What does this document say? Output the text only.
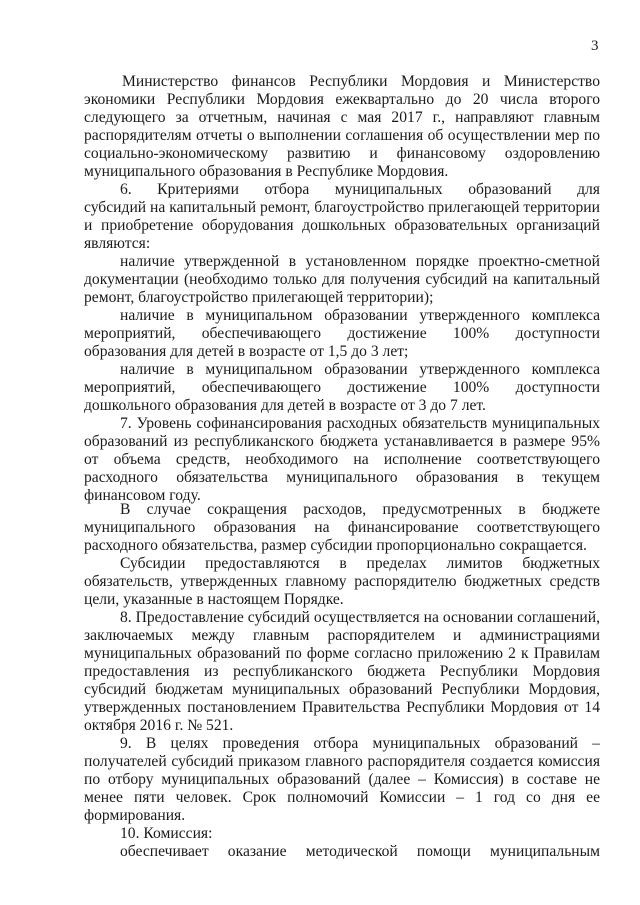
3
Министерство финансов Республики Мордовия и Министерство
экономики Республики Мордовия ежеквартально до 20 числа второго
следующего за отчетным, начиная с мая 2017 г., направляют главным
распорядителям отчеты о выполнении соглашения об осуществлении мер по
социально-экономическому развитию и финансовому оздоровлению
муниципального образования в Республике Мордовия.
6. Критериями отбора муниципальных образований для
субсидий на капитальный ремонт, благоустройство прилегающей территории
и приобретение оборудования дошкольных образовательных организаций
являются:
наличие утвержденной в установленном порядке проектно-сметной
документации (необходимо только для получения субсидий на капитальный
ремонт, благоустройство прилегающей территории);
наличие в муниципальном образовании утвержденного комплекса
мероприятий, обеспечивающего достижение 100% доступности
образования для детей в возрасте от 1,5 до 3 лет;
наличие в муниципальном образовании утвержденного комплекса
мероприятий, обеспечивающего достижение 100% доступности
дошкольного образования для детей в возрасте от 3 до 7 лет.
7. Уровень софинансирования расходных обязательств муниципальных
образований из республиканского бюджета устанавливается в размере 95%
от объема средств, необходимого на исполнение соответствующего
расходного обязательства муниципального образования в текущем
финансовом году.
В случае сокращения расходов, предусмотренных в бюджете
муниципального образования на финансирование соответствующего
расходного обязательства, размер субсидии пропорционально сокращается.
Субсидии предоставляются в пределах лимитов бюджетных
обязательств, утвержденных главному распорядителю бюджетных средств
цели, указанные в настоящем Порядке.
8. Предоставление субсидий осуществляется на основании соглашений,
заключаемых между главным распорядителем и администрациями
муниципальных образований по форме согласно приложению 2 к Правилам
предоставления из республиканского бюджета Республики Мордовия
субсидий бюджетам муниципальных образований Республики Мордовия,
утвержденных постановлением Правительства Республики Мордовия от 14
октября 2016 г. № 521.
9. В целях проведения отбора муниципальных образований –
получателей субсидий приказом главного распорядителя создается комиссия
по отбору муниципальных образований (далее – Комиссия) в составе не
менее пяти человек. Срок полномочий Комиссии – 1 год со дня ее
формирования.
10. Комиссия:
обеспечивает оказание методической помощи муниципальным
